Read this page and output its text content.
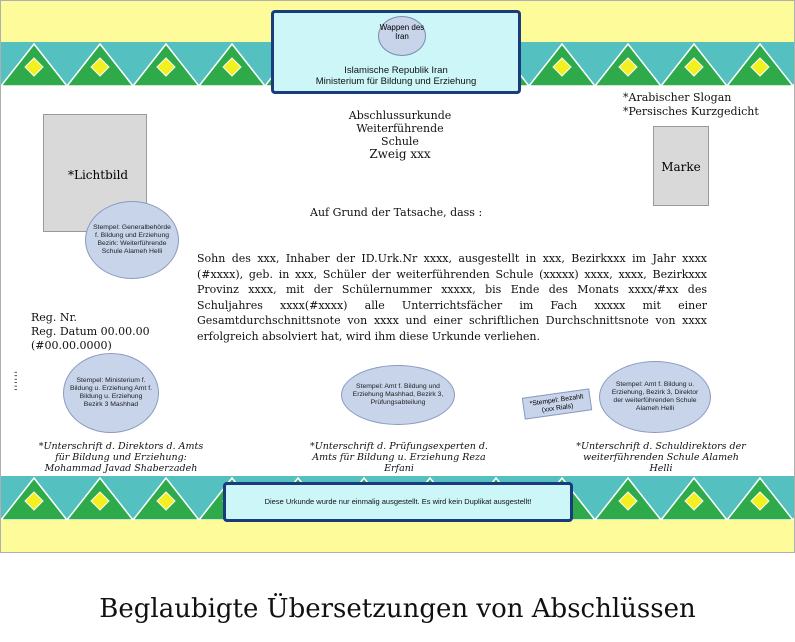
Wappen des Iran
Islamische Republik Iran
Ministerium für Bildung und Erziehung
Abschlussurkunde
Weiterführende Schule
Zweig xxx
*Arabischer Slogan
*Persisches Kurzgedicht
*Lichtbild
Marke
Stempel: Generalbehörde f. Bildung und Erziehung Bezirk: Weiterführende Schule Alameh Helli
Auf Grund der Tatsache, dass :
Sohn des xxx, Inhaber der ID.Urk.Nr xxxx, ausgestellt in xxx, Bezirkxxx im Jahr xxxx (#xxxx), geb. in xxx, Schüler der weiterführenden Schule (xxxxx) xxxx, xxxx, Bezirkxxx Provinz xxxx, mit der Schülernummer xxxxx, bis Ende des Monats xxxx/#xx des Schuljahres xxxx(#xxxx) alle Unterrichtsfächer im Fach xxxxx mit einer Gesamtdurchschnittsnote von xxxx und einer schriftlichen Durchschnittsnote von xxxx erfolgreich absolviert hat, wird ihm diese Urkunde verliehen.
Reg. Nr.
Reg. Datum 00.00.00
(#00.00.0000)
''''''	Stempel: Ministerium f. Bildung u. Erziehung Amt f. Bildung u. Erziehung Bezirk 3 Mashhad
Stempel: Amt f. Bildung und Erziehung Mashhad, Bezirk 3, Prüfungsabteilung
Stempel: Amt f. Bildung u. Erziehung, Bezirk 3, Direktor der weiterführenden Schule Alameh Helli
*Stempel: Bezahlt (xxx Rials)
*Unterschrift d. Direktors d. Amts für Bildung und Erziehung: Mohammad Javad Shaberzadeh
*Unterschrift d. Prüfungsexperten d. Amts für Bildung u. Erziehung Reza Erfani
*Unterschrift d. Schuldirektors der weiterführenden Schule Alameh Helli
Diese Urkunde wurde nur einmalig ausgestellt. Es wird kein Duplikat ausgestellt!
Beglaubigte Übersetzungen von Abschlüssen
